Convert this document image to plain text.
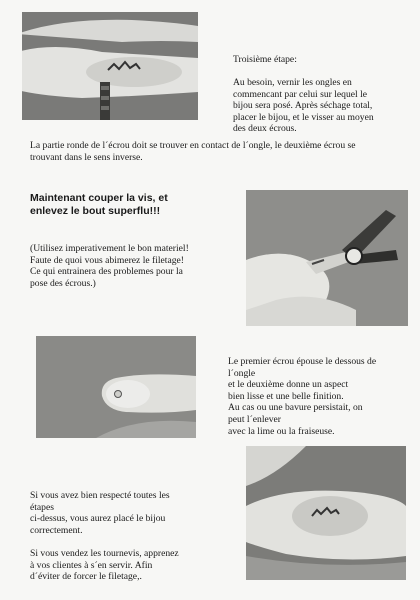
Troisième étape:
Au besoin, vernir les ongles en
commencant par celui sur lequel le
bijou sera posé. Après séchage total,
placer le bijou, et le visser au moyen
des deux écrous.
La partie ronde de l´écrou doit se trouver en contact de l´ongle, le deuxième écrou se
trouvant dans le sens inverse.
Maintenant couper la vis, et
enlevez le bout superflu!!!
(Utilisez imperativement le bon materiel!
Faute de quoi vous abimerez le filetage!
Ce qui entrainera des problemes pour la
pose des écrous.)
Le premier écrou épouse le dessous de
l´ongle
et le deuxième donne un aspect
bien lisse et une belle finition.
Au cas ou une bavure persistait, on
peut l´enlever
avec la lime ou la fraiseuse.
Si vous avez bien respecté toutes les
étapes
ci-dessus, vous aurez placé le bijou
correctement.
Si vous vendez les tournevis, apprenez
à vos clientes à s´en servir. Afin
d´éviter de forcer le filetage,.
